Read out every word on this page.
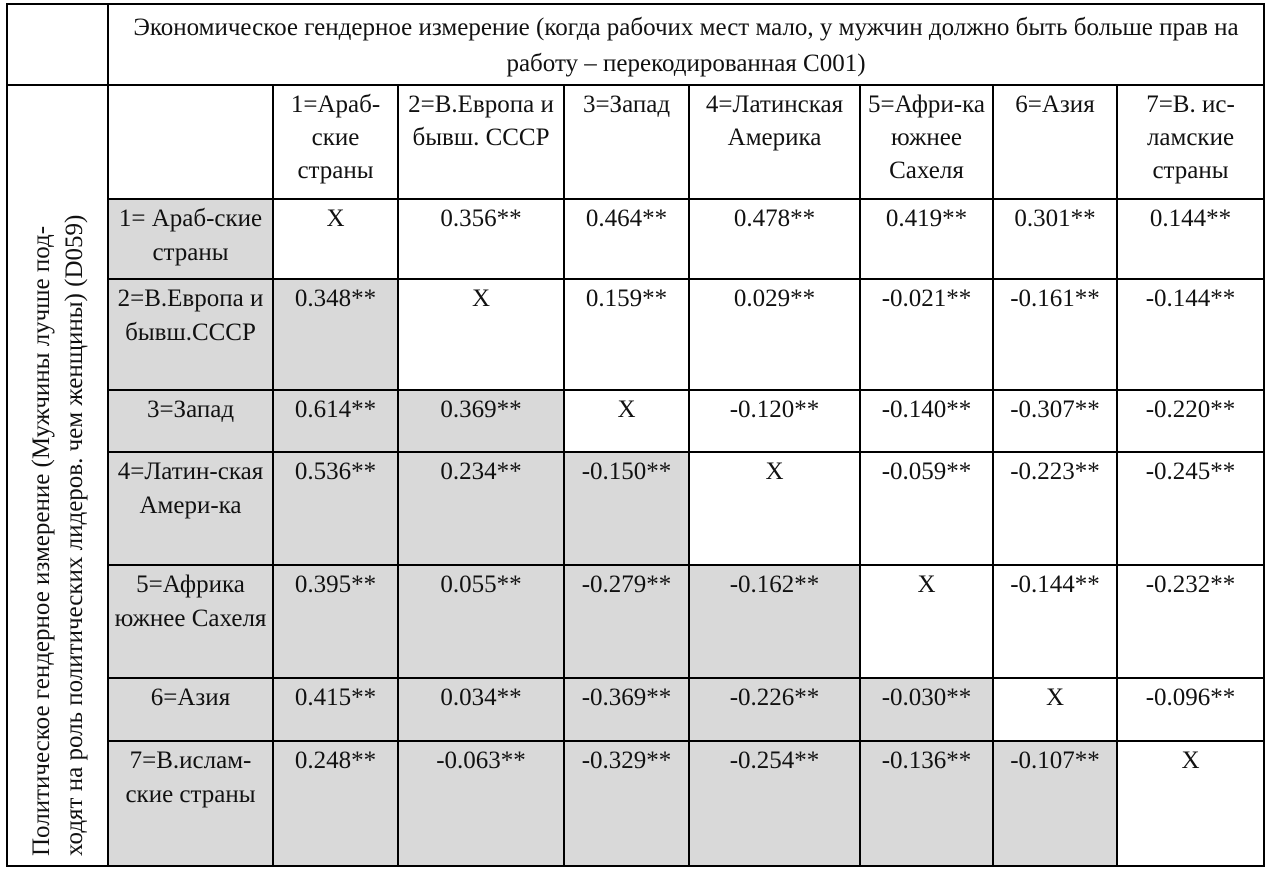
	Экономическое гендерное измерение (когда рабочих мест мало, у мужчин должно быть больше прав на работу – перекодированная С001)							

Политическое гендерное измерение (Мужчины лучше под- ходят на роль политических лидеров. чем женщины) (D059)		1=Араб-ские страны	2=В.Европа и бывш. СССР	3=Запад	4=Латинская Америка	5=Афри-ка южнее Сахеля	6=Азия	7=В. ис-ламские страны
	1= Араб-ские страны	X	0.356**	0.464**	0.478**	0.419**	0.301**	0.144**
	2=В.Европа и бывш.СССР	0.348**	X	0.159**	0.029**	-0.021**	-0.161**	-0.144**
	3=Запад	0.614**	0.369**	X	-0.120**	-0.140**	-0.307**	-0.220**
	4=Латин-ская Амери-ка	0.536**	0.234**	-0.150**	X	-0.059**	-0.223**	-0.245**
	5=Африка южнее Сахеля	0.395**	0.055**	-0.279**	-0.162**	X	-0.144**	-0.232**
	6=Азия	0.415**	0.034**	-0.369**	-0.226**	-0.030**	X	-0.096**
	7=В.ислам-ские страны	0.248**	-0.063**	-0.329**	-0.254**	-0.136**	-0.107**	X
